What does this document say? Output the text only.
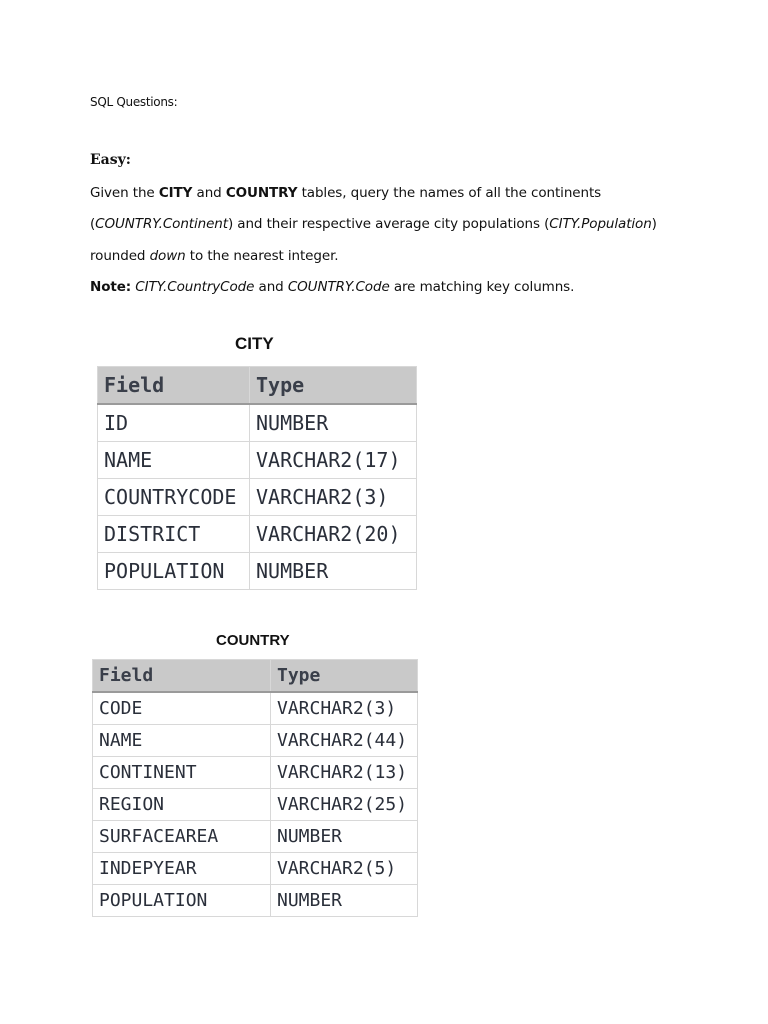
SQL Questions:
Easy:
Given the CITY and COUNTRY tables, query the names of all the continents
(COUNTRY.Continent) and their respective average city populations (CITY.Population)
rounded down to the nearest integer.
Note: CITY.CountryCode and COUNTRY.Code are matching key columns.
CITY
Field	Type
ID	NUMBER
NAME	VARCHAR2(17)
COUNTRYCODE	VARCHAR2(3)
DISTRICT	VARCHAR2(20)
POPULATION	NUMBER
COUNTRY
Field	Type
CODE	VARCHAR2(3)
NAME	VARCHAR2(44)
CONTINENT	VARCHAR2(13)
REGION	VARCHAR2(25)
SURFACEAREA	NUMBER
INDEPYEAR	VARCHAR2(5)
POPULATION	NUMBER
